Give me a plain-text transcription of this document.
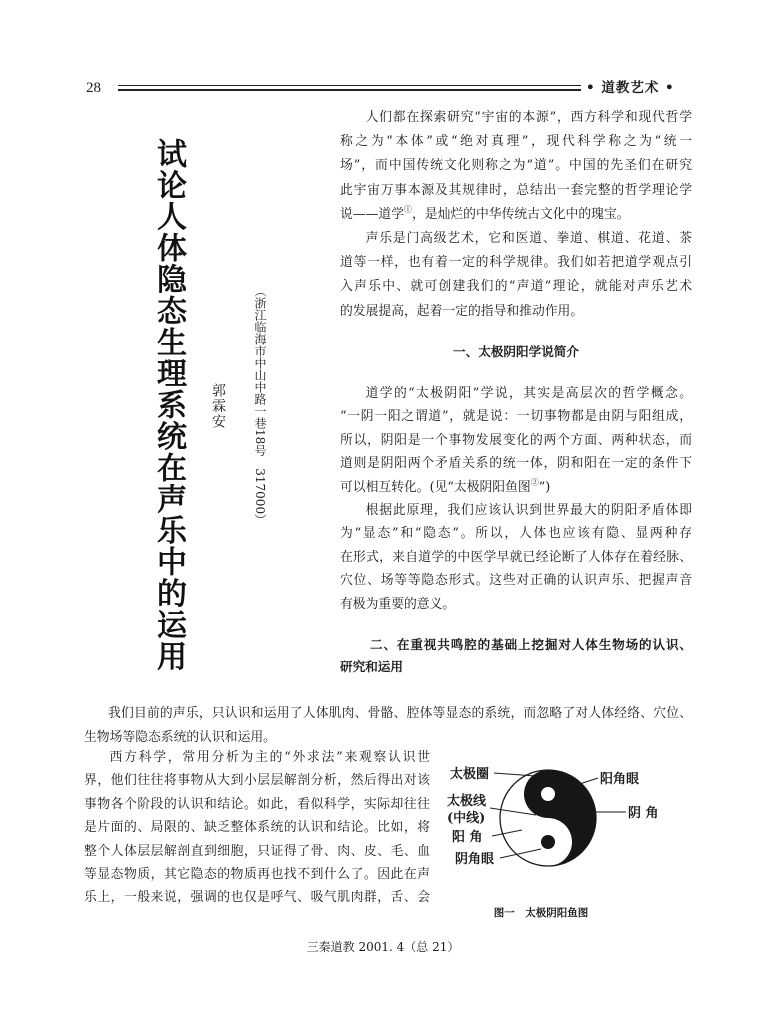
28	• 道教艺术 •
试论人体隐态生理系统在声乐中的运用 郭霖安 （浙江临海市中山中路一巷18号　317000）
人们都在探索研究“宇宙的本源”，西方科学和现代哲学
称之为“本体”或“绝对真理”，现代科学称之为“统一
场”，而中国传统文化则称之为“道”。中国的先圣们在研究
此宇宙万事本源及其规律时，总结出一套完整的哲学理论学
说——道学①，是灿烂的中华传统古文化中的瑰宝。
声乐是门高级艺术，它和医道、拳道、棋道、花道、茶
道等一样，也有着一定的科学规律。我们如若把道学观点引
入声乐中、就可创建我们的“声道”理论，就能对声乐艺术
的发展提高，起着一定的指导和推动作用。
一、太极阴阳学说简介
道学的“太极阴阳”学说，其实是高层次的哲学概念。
“一阴一阳之谓道”，就是说：一切事物都是由阴与阳组成，
所以，阴阳是一个事物发展变化的两个方面、两种状态，而
道则是阴阳两个矛盾关系的统一体，阴和阳在一定的条件下
可以相互转化。(见“太极阴阳鱼图②”)
根据此原理，我们应该认识到世界最大的阴阳矛盾体即
为“显态”和“隐态”。所以，人体也应该有隐、显两种存
在形式，来自道学的中医学早就已经论断了人体存在着经脉、
穴位、场等等隐态形式。这些对正确的认识声乐、把握声音
有极为重要的意义。
二、在重视共鸣腔的基础上挖掘对人体生物场的认识、
研究和运用
我们目前的声乐，只认识和运用了人体肌肉、骨骼、腔体等显态的系统，而忽略了对人体经络、穴位、
生物场等隐态系统的认识和运用。
西方科学，常用分析为主的“外求法”来观察认识世
界，他们往往将事物从大到小层层解剖分析，然后得出对该
事物各个阶段的认识和结论。如此，看似科学，实际却往往
是片面的、局限的、缺乏整体系统的认识和结论。比如，将
整个人体层层解剖直到细胞，只证得了骨、肉、皮、毛、血
等显态物质，其它隐态的物质再也找不到什么了。因此在声
乐上，一般来说，强调的也仅是呼气、吸气肌肉群，舌、会
太极圈
太极线
(中线)
阳 角
阴角眼
阳角眼
阴 角
图一　太极阴阳鱼图
三秦道教 2001. 4（总 21）
